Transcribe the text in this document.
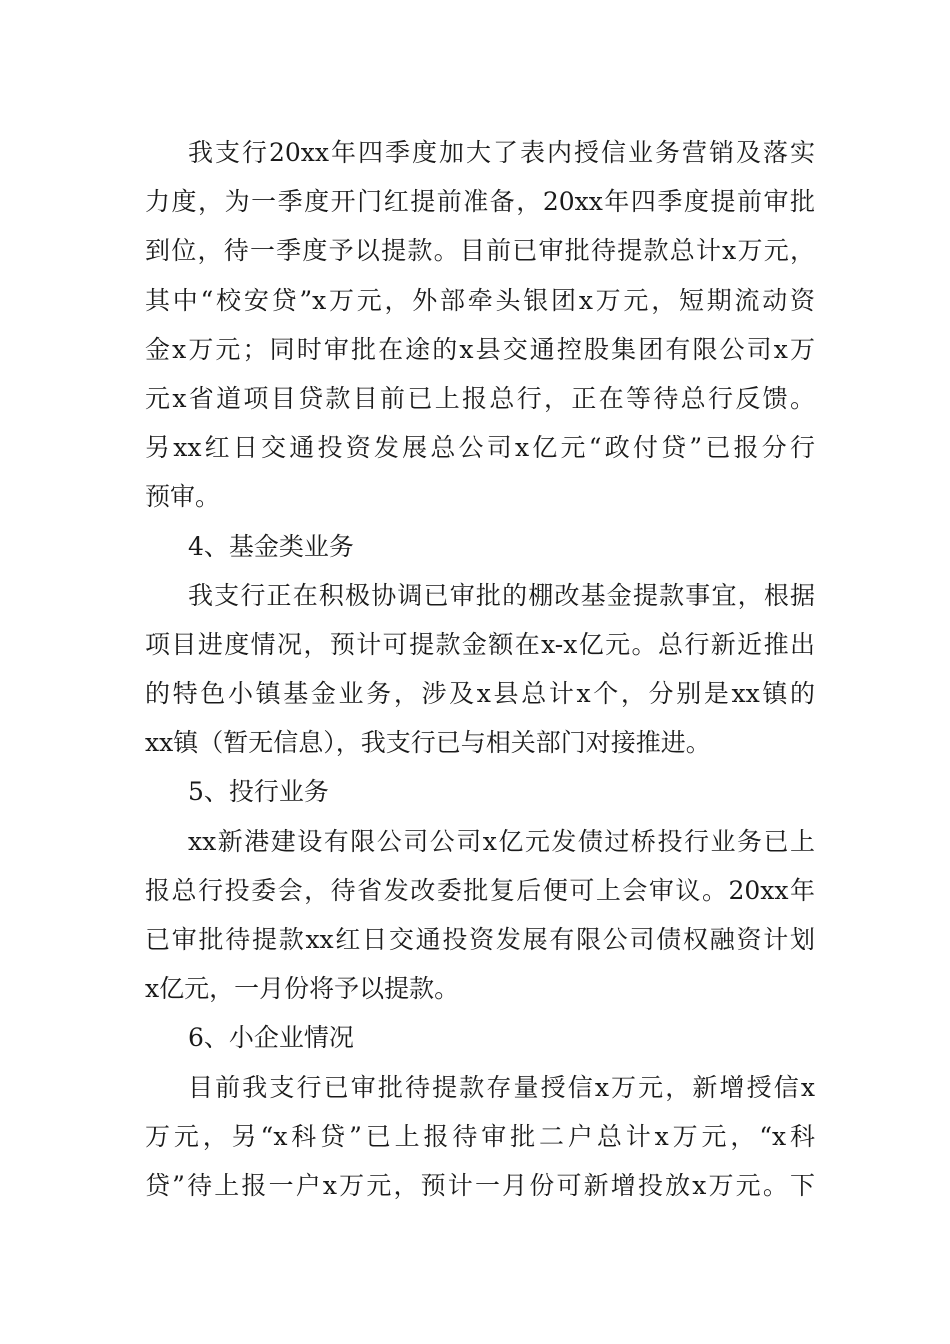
我支行20xx年四季度加大了表内授信业务营销及落实
力度，为一季度开门红提前准备，20xx年四季度提前审批
到位，待一季度予以提款。目前已审批待提款总计x万元，
其中“校安贷”x万元，外部牵头银团x万元，短期流动资
金x万元；同时审批在途的x县交通控股集团有限公司x万
元x省道项目贷款目前已上报总行，正在等待总行反馈。
另xx红日交通投资发展总公司x亿元“政付贷”已报分行
预审。
4、基金类业务
我支行正在积极协调已审批的棚改基金提款事宜，根据
项目进度情况，预计可提款金额在x-x亿元。总行新近推出
的特色小镇基金业务，涉及x县总计x个，分别是xx镇的
xx镇（暂无信息），我支行已与相关部门对接推进。
5、投行业务
xx新港建设有限公司公司x亿元发债过桥投行业务已上
报总行投委会，待省发改委批复后便可上会审议。20xx年
已审批待提款xx红日交通投资发展有限公司债权融资计划
x亿元，一月份将予以提款。
6、小企业情况
目前我支行已审批待提款存量授信x万元，新增授信x
万元，另“x科贷”已上报待审批二户总计x万元，“x科
贷”待上报一户x万元，预计一月份可新增投放x万元。下
